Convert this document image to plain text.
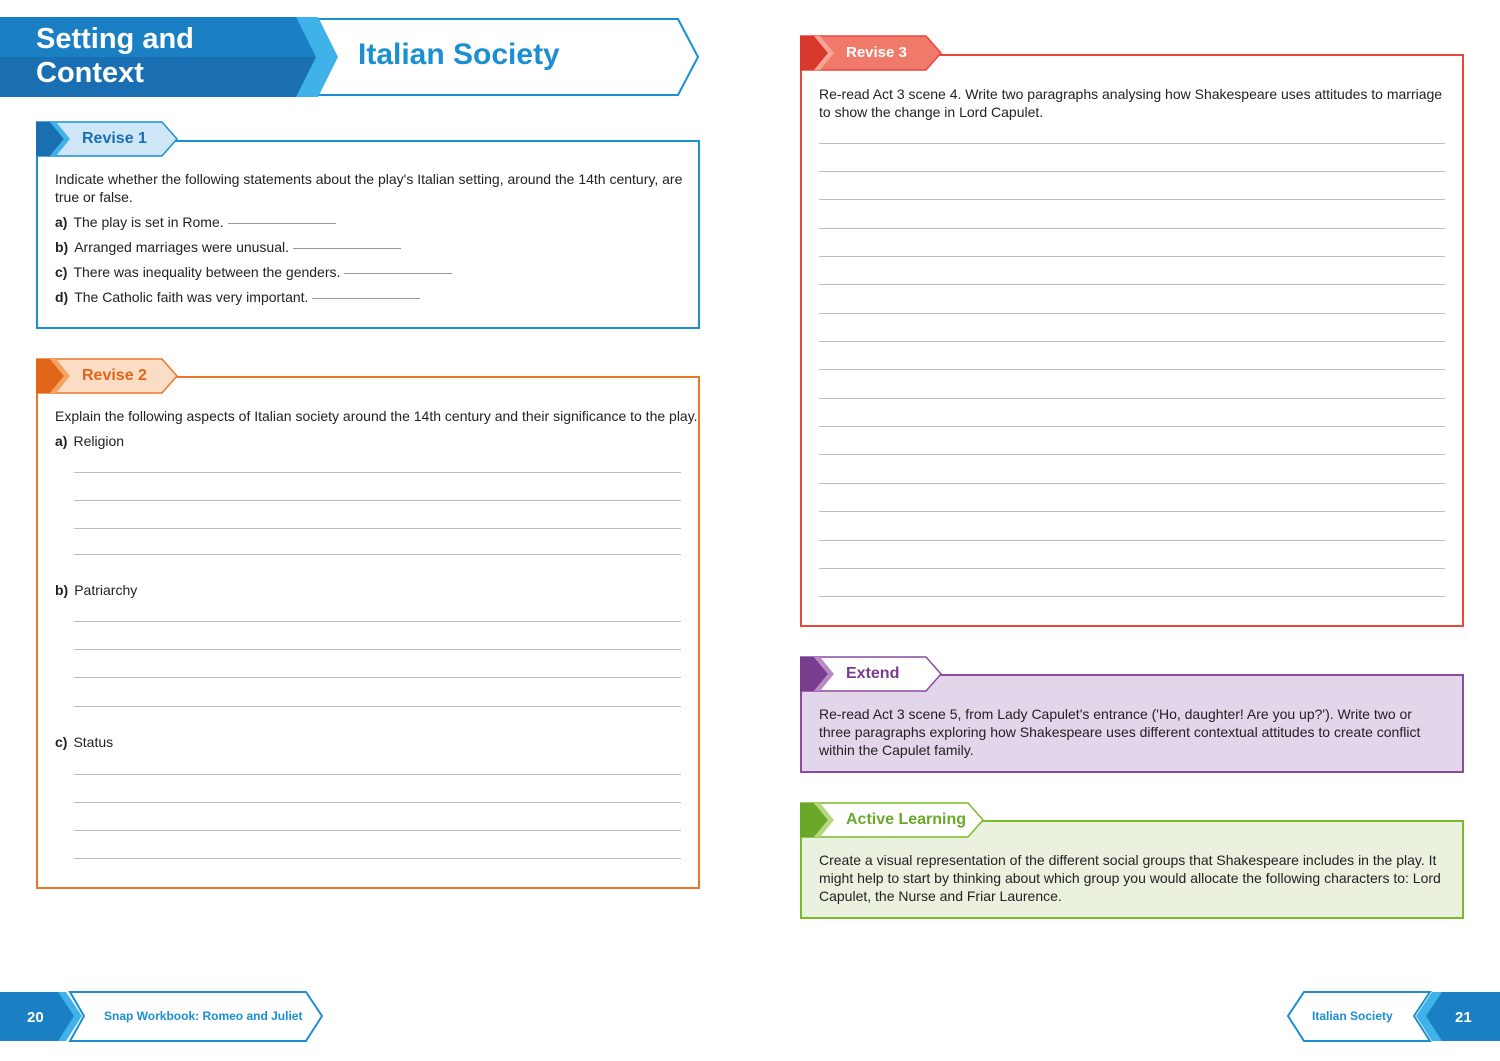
Setting and Context
Italian Society
Indicate whether the following statements about the play's Italian setting, around the 14th century, are true or false.
a) The play is set in Rome.
b) Arranged marriages were unusual.
c) There was inequality between the genders.
d) The Catholic faith was very important.
Revise 1
Explain the following aspects of Italian society around the 14th century and their significance to the play.
a) Religion
b) Patriarchy
c) Status
Revise 2
Re-read Act 3 scene 4. Write two paragraphs analysing how Shakespeare uses attitudes to marriage to show the change in Lord Capulet.
Revise 3
Re-read Act 3 scene 5, from Lady Capulet's entrance ('Ho, daughter! Are you up?'). Write two or three paragraphs exploring how Shakespeare uses different contextual attitudes to create conflict within the Capulet family.
Extend
Create a visual representation of the different social groups that Shakespeare includes in the play. It might help to start by thinking about which group you would allocate the following characters to: Lord Capulet, the Nurse and Friar Laurence.
Active Learning
20	Snap Workbook: Romeo and Juliet	Italian Society	21
